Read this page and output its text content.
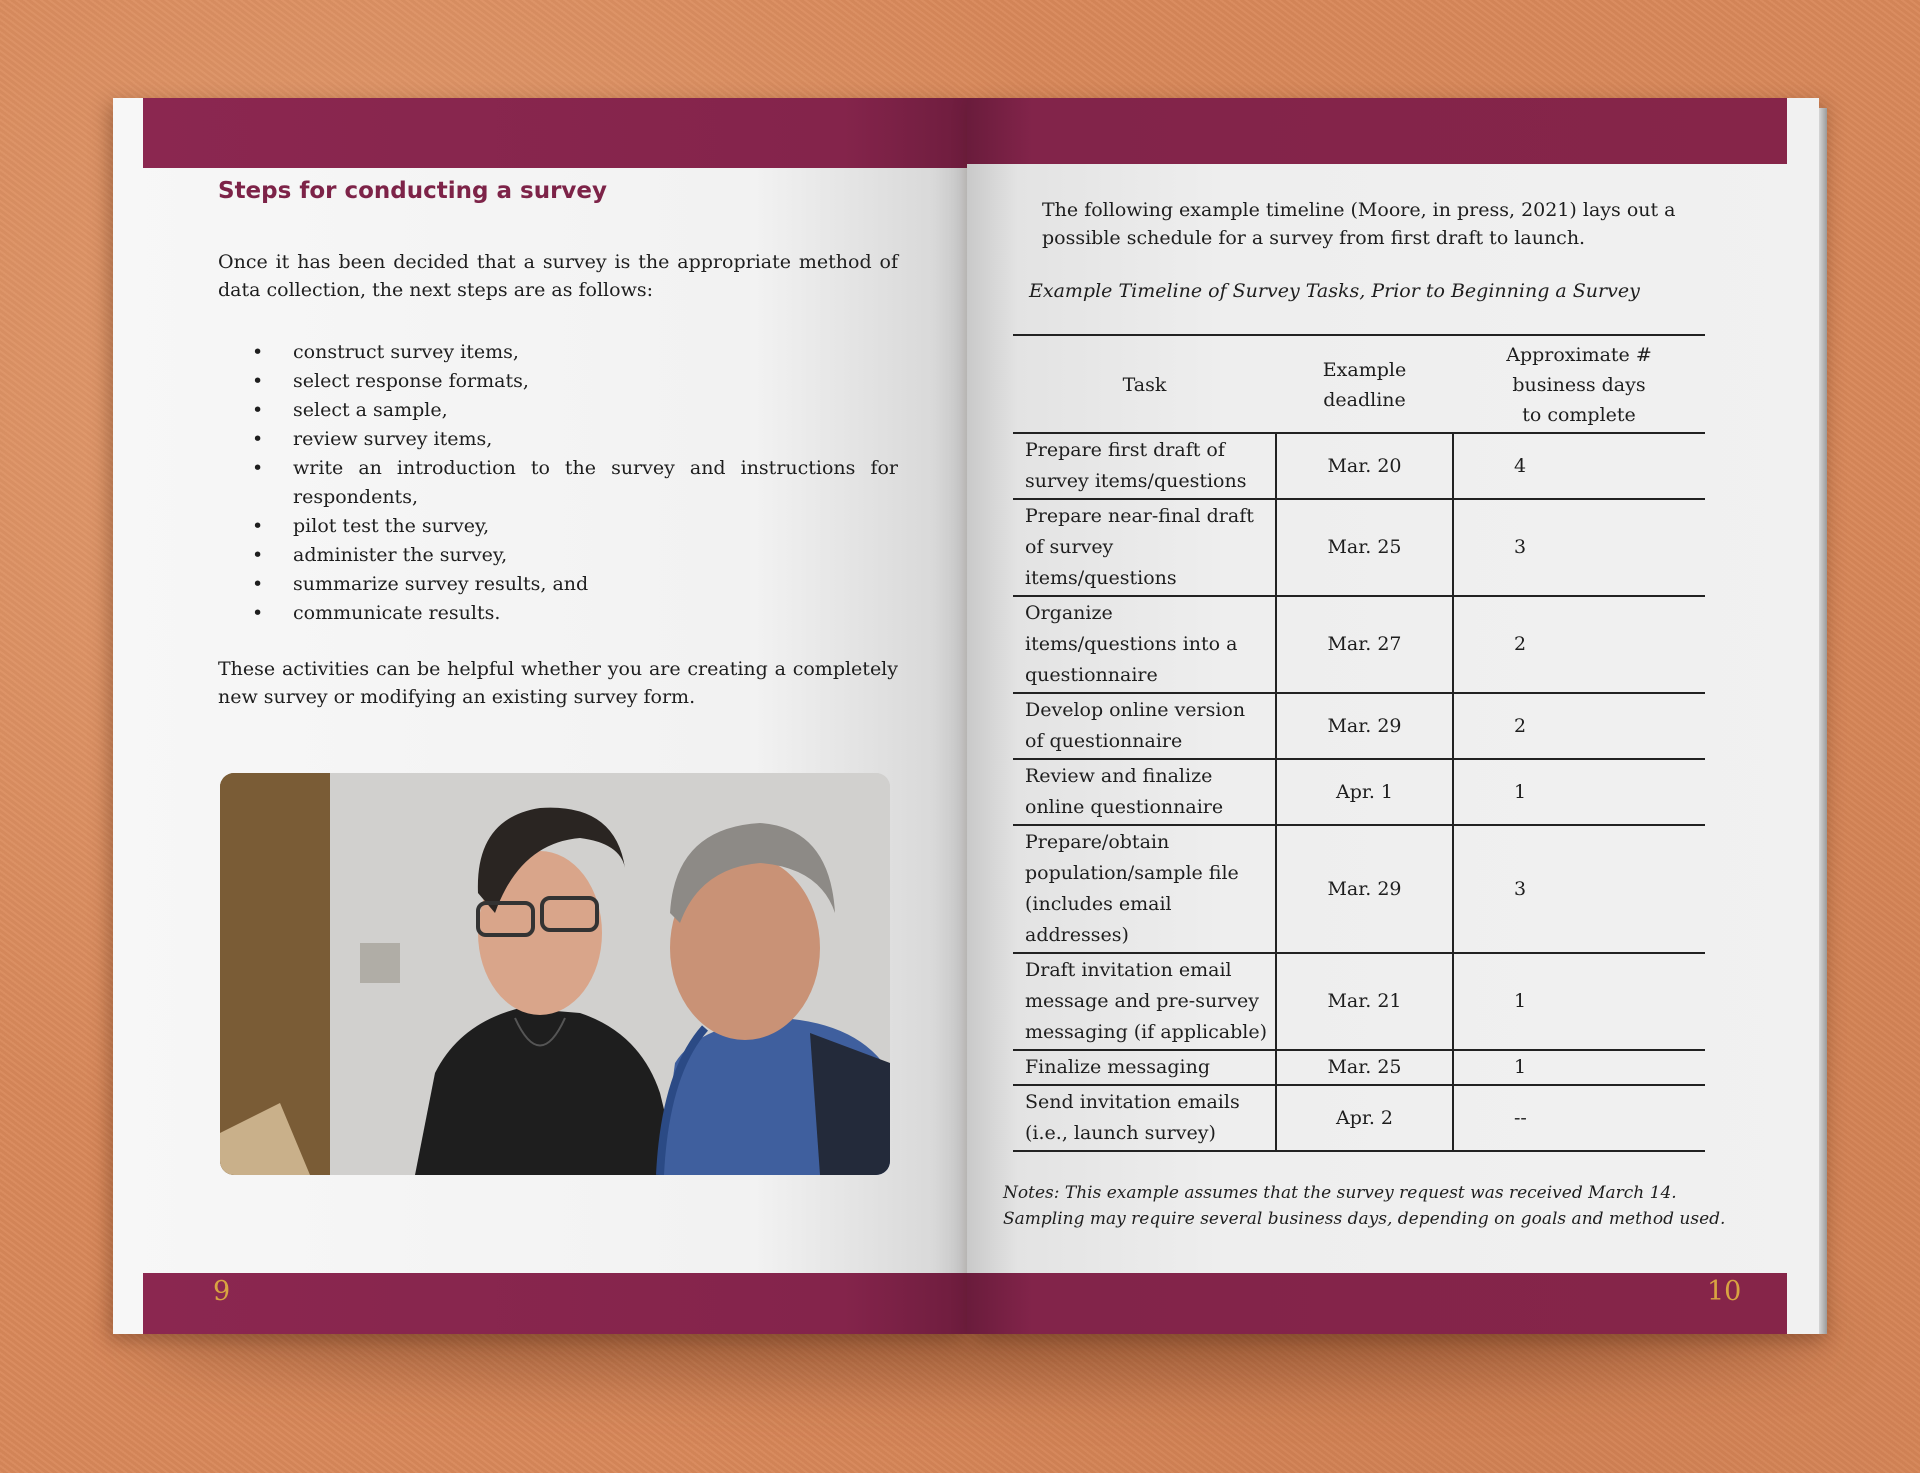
Steps for conducting a survey
Once it has been decided that a survey is the appropriate method of data collection, the next steps are as follows:
• construct survey items,
• select response formats,
• select a sample,
• review survey items,
• write an introduction to the survey and instructions for respondents,
• pilot test the survey,
• administer the survey,
• summarize survey results, and
• communicate results.
These activities can be helpful whether you are creating a completely new survey or modifying an existing survey form.
9
The following example timeline (Moore, in press, 2021) lays out a possible schedule for a survey from first draft to launch.
Example Timeline of Survey Tasks, Prior to Beginning a Survey
Task	Example deadline	Approximate # business days to complete
Prepare first draft of survey items/questions	Mar. 20	4
Prepare near-final draft of survey items/questions	Mar. 25	3
Organize items/questions into a questionnaire	Mar. 27	2
Develop online version of questionnaire	Mar. 29	2
Review and finalize online questionnaire	Apr. 1	1
Prepare/obtain population/sample file (includes email addresses)	Mar. 29	3
Draft invitation email message and pre-survey messaging (if applicable)	Mar. 21	1
Finalize messaging	Mar. 25	1
Send invitation emails (i.e., launch survey)	Apr. 2	--
Notes: This example assumes that the survey request was received March 14. Sampling may require several business days, depending on goals and method used.
10
